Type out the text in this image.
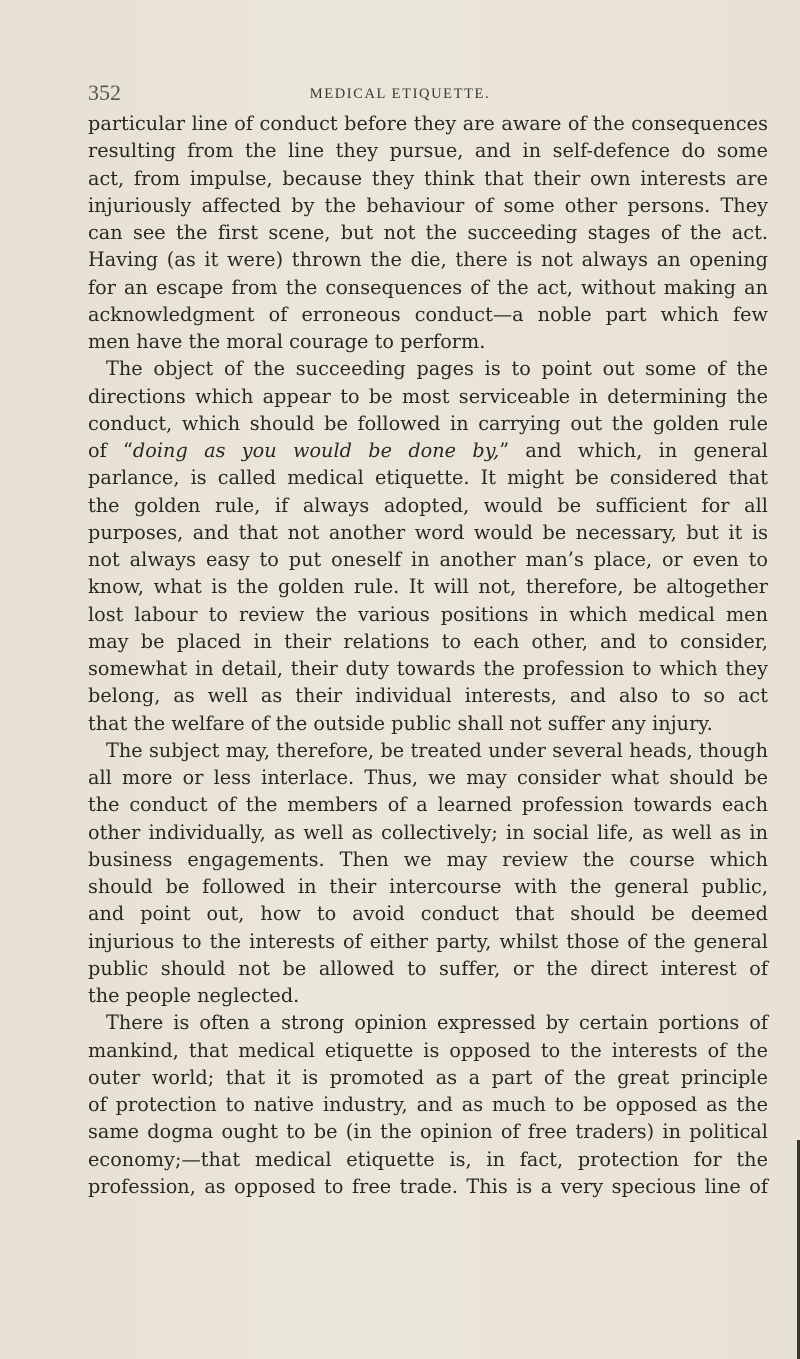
352	MEDICAL ETIQUETTE.
particular line of conduct before they are aware of the consequences
resulting from the line they pursue, and in self-defence do some
act, from impulse, because they think that their own interests are
injuriously affected by the behaviour of some other persons. They
can see the first scene, but not the succeeding stages of the act.
Having (as it were) thrown the die, there is not always an opening
for an escape from the consequences of the act, without making an
acknowledgment of erroneous conduct—a noble part which few
men have the moral courage to perform.
The object of the succeeding pages is to point out some of the
directions which appear to be most serviceable in determining the
conduct, which should be followed in carrying out the golden rule
of “doing as you would be done by,” and which, in general
parlance, is called medical etiquette. It might be considered that
the golden rule, if always adopted, would be sufficient for all
purposes, and that not another word would be necessary, but it is
not always easy to put oneself in another man’s place, or even to
know, what is the golden rule. It will not, therefore, be altogether
lost labour to review the various positions in which medical men
may be placed in their relations to each other, and to consider,
somewhat in detail, their duty towards the profession to which they
belong, as well as their individual interests, and also to so act
that the welfare of the outside public shall not suffer any injury.
The subject may, therefore, be treated under several heads, though
all more or less interlace. Thus, we may consider what should be
the conduct of the members of a learned profession towards each
other individually, as well as collectively; in social life, as well as in
business engagements. Then we may review the course which
should be followed in their intercourse with the general public,
and point out, how to avoid conduct that should be deemed
injurious to the interests of either party, whilst those of the general
public should not be allowed to suffer, or the direct interest of
the people neglected.
There is often a strong opinion expressed by certain portions of
mankind, that medical etiquette is opposed to the interests of the
outer world; that it is promoted as a part of the great principle
of protection to native industry, and as much to be opposed as the
same dogma ought to be (in the opinion of free traders) in political
economy;—that medical etiquette is, in fact, protection for the
profession, as opposed to free trade. This is a very specious line of
